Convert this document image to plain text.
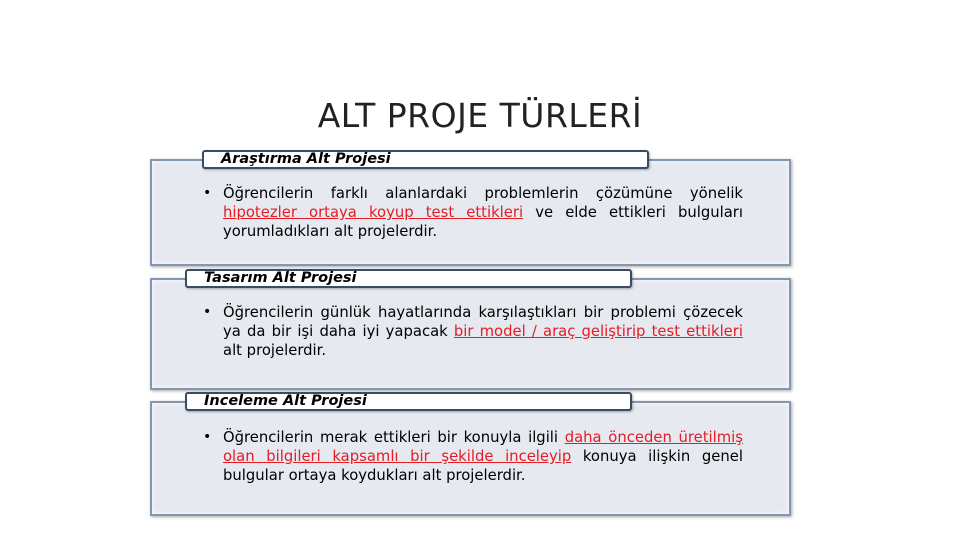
ALT PROJE TÜRLERİ
Araştırma Alt Projesi
• Öğrencilerin farklı alanlardaki problemlerin çözümüne yönelik hipotezler ortaya koyup test ettikleri ve elde ettikleri bulguları yorumladıkları alt projelerdir.
Tasarım Alt Projesi
• Öğrencilerin günlük hayatlarında karşılaştıkları bir problemi çözecek ya da bir işi daha iyi yapacak bir model / araç geliştirip test ettikleri alt projelerdir.
İnceleme Alt Projesi
• Öğrencilerin merak ettikleri bir konuyla ilgili daha önceden üretilmiş olan bilgileri kapsamlı bir şekilde inceleyip konuya ilişkin genel bulgular ortaya koydukları alt projelerdir.
